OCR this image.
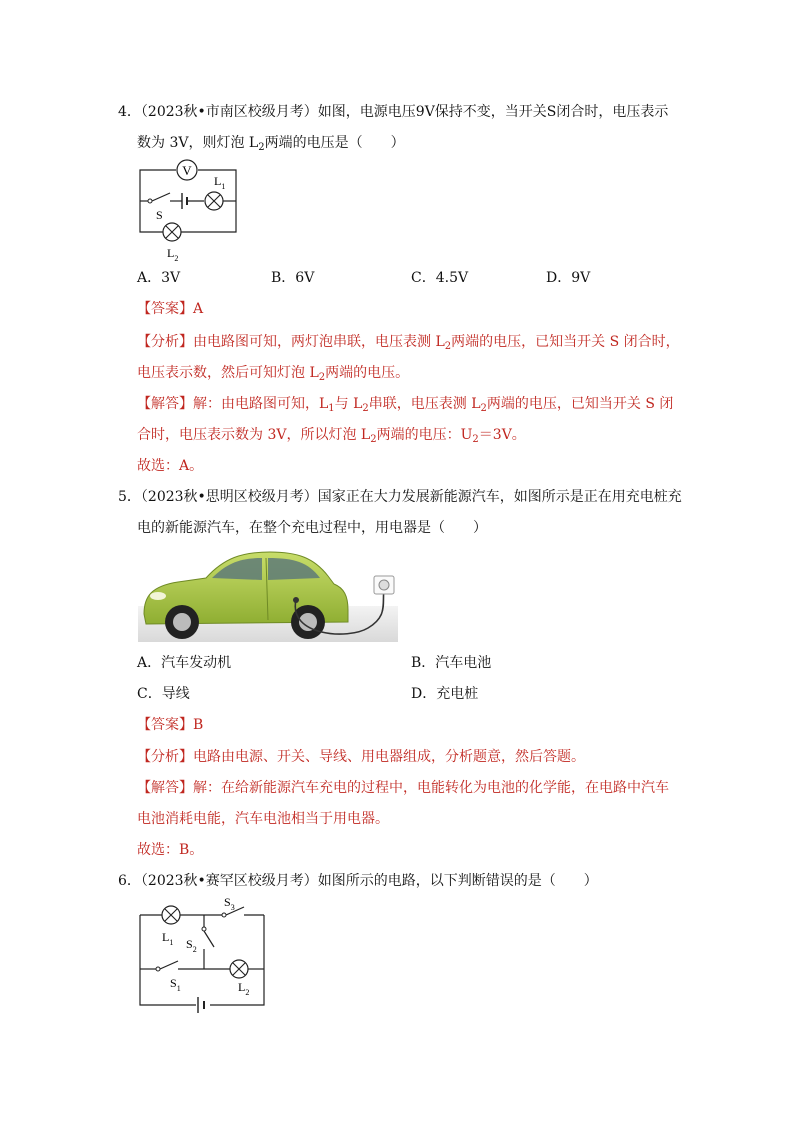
4．（2023秋•市南区校级月考）如图，电源电压9V保持不变，当开关S闭合时，电压表示
数为 3V，则灯泡 $L_2$两端的电压是（　　）
V
$L_1$
S
$L_2$
A．3V	B．6V	C．4.5V	D．9V
【答案】A
【分析】由电路图可知，两灯泡串联，电压表测 $L_2$两端的电压，已知当开关 S 闭合时，
电压表示数，然后可知灯泡 $L_2$两端的电压。
【解答】解：由电路图可知，$L_1$与 $L_2$串联，电压表测 $L_2$两端的电压，已知当开关 S 闭
合时，电压表示数为 3V，所以灯泡 $L_2$两端的电压：$U_2=3V$。
故选：A。
5．（2023秋•思明区校级月考）国家正在大力发展新能源汽车，如图所示是正在用充电桩充
电的新能源汽车，在整个充电过程中，用电器是（　　）
A．汽车发动机	B．汽车电池
C．导线	D．充电桩
【答案】B
【分析】电路由电源、开关、导线、用电器组成，分析题意，然后答题。
【解答】解：在给新能源汽车充电的过程中，电能转化为电池的化学能，在电路中汽车
电池消耗电能，汽车电池相当于用电器。
故选：B。
6．（2023秋•赛罕区校级月考）如图所示的电路，以下判断错误的是（　　）
$S_3$
$L_1$ $S_2$
$S_1$	$L_2$
